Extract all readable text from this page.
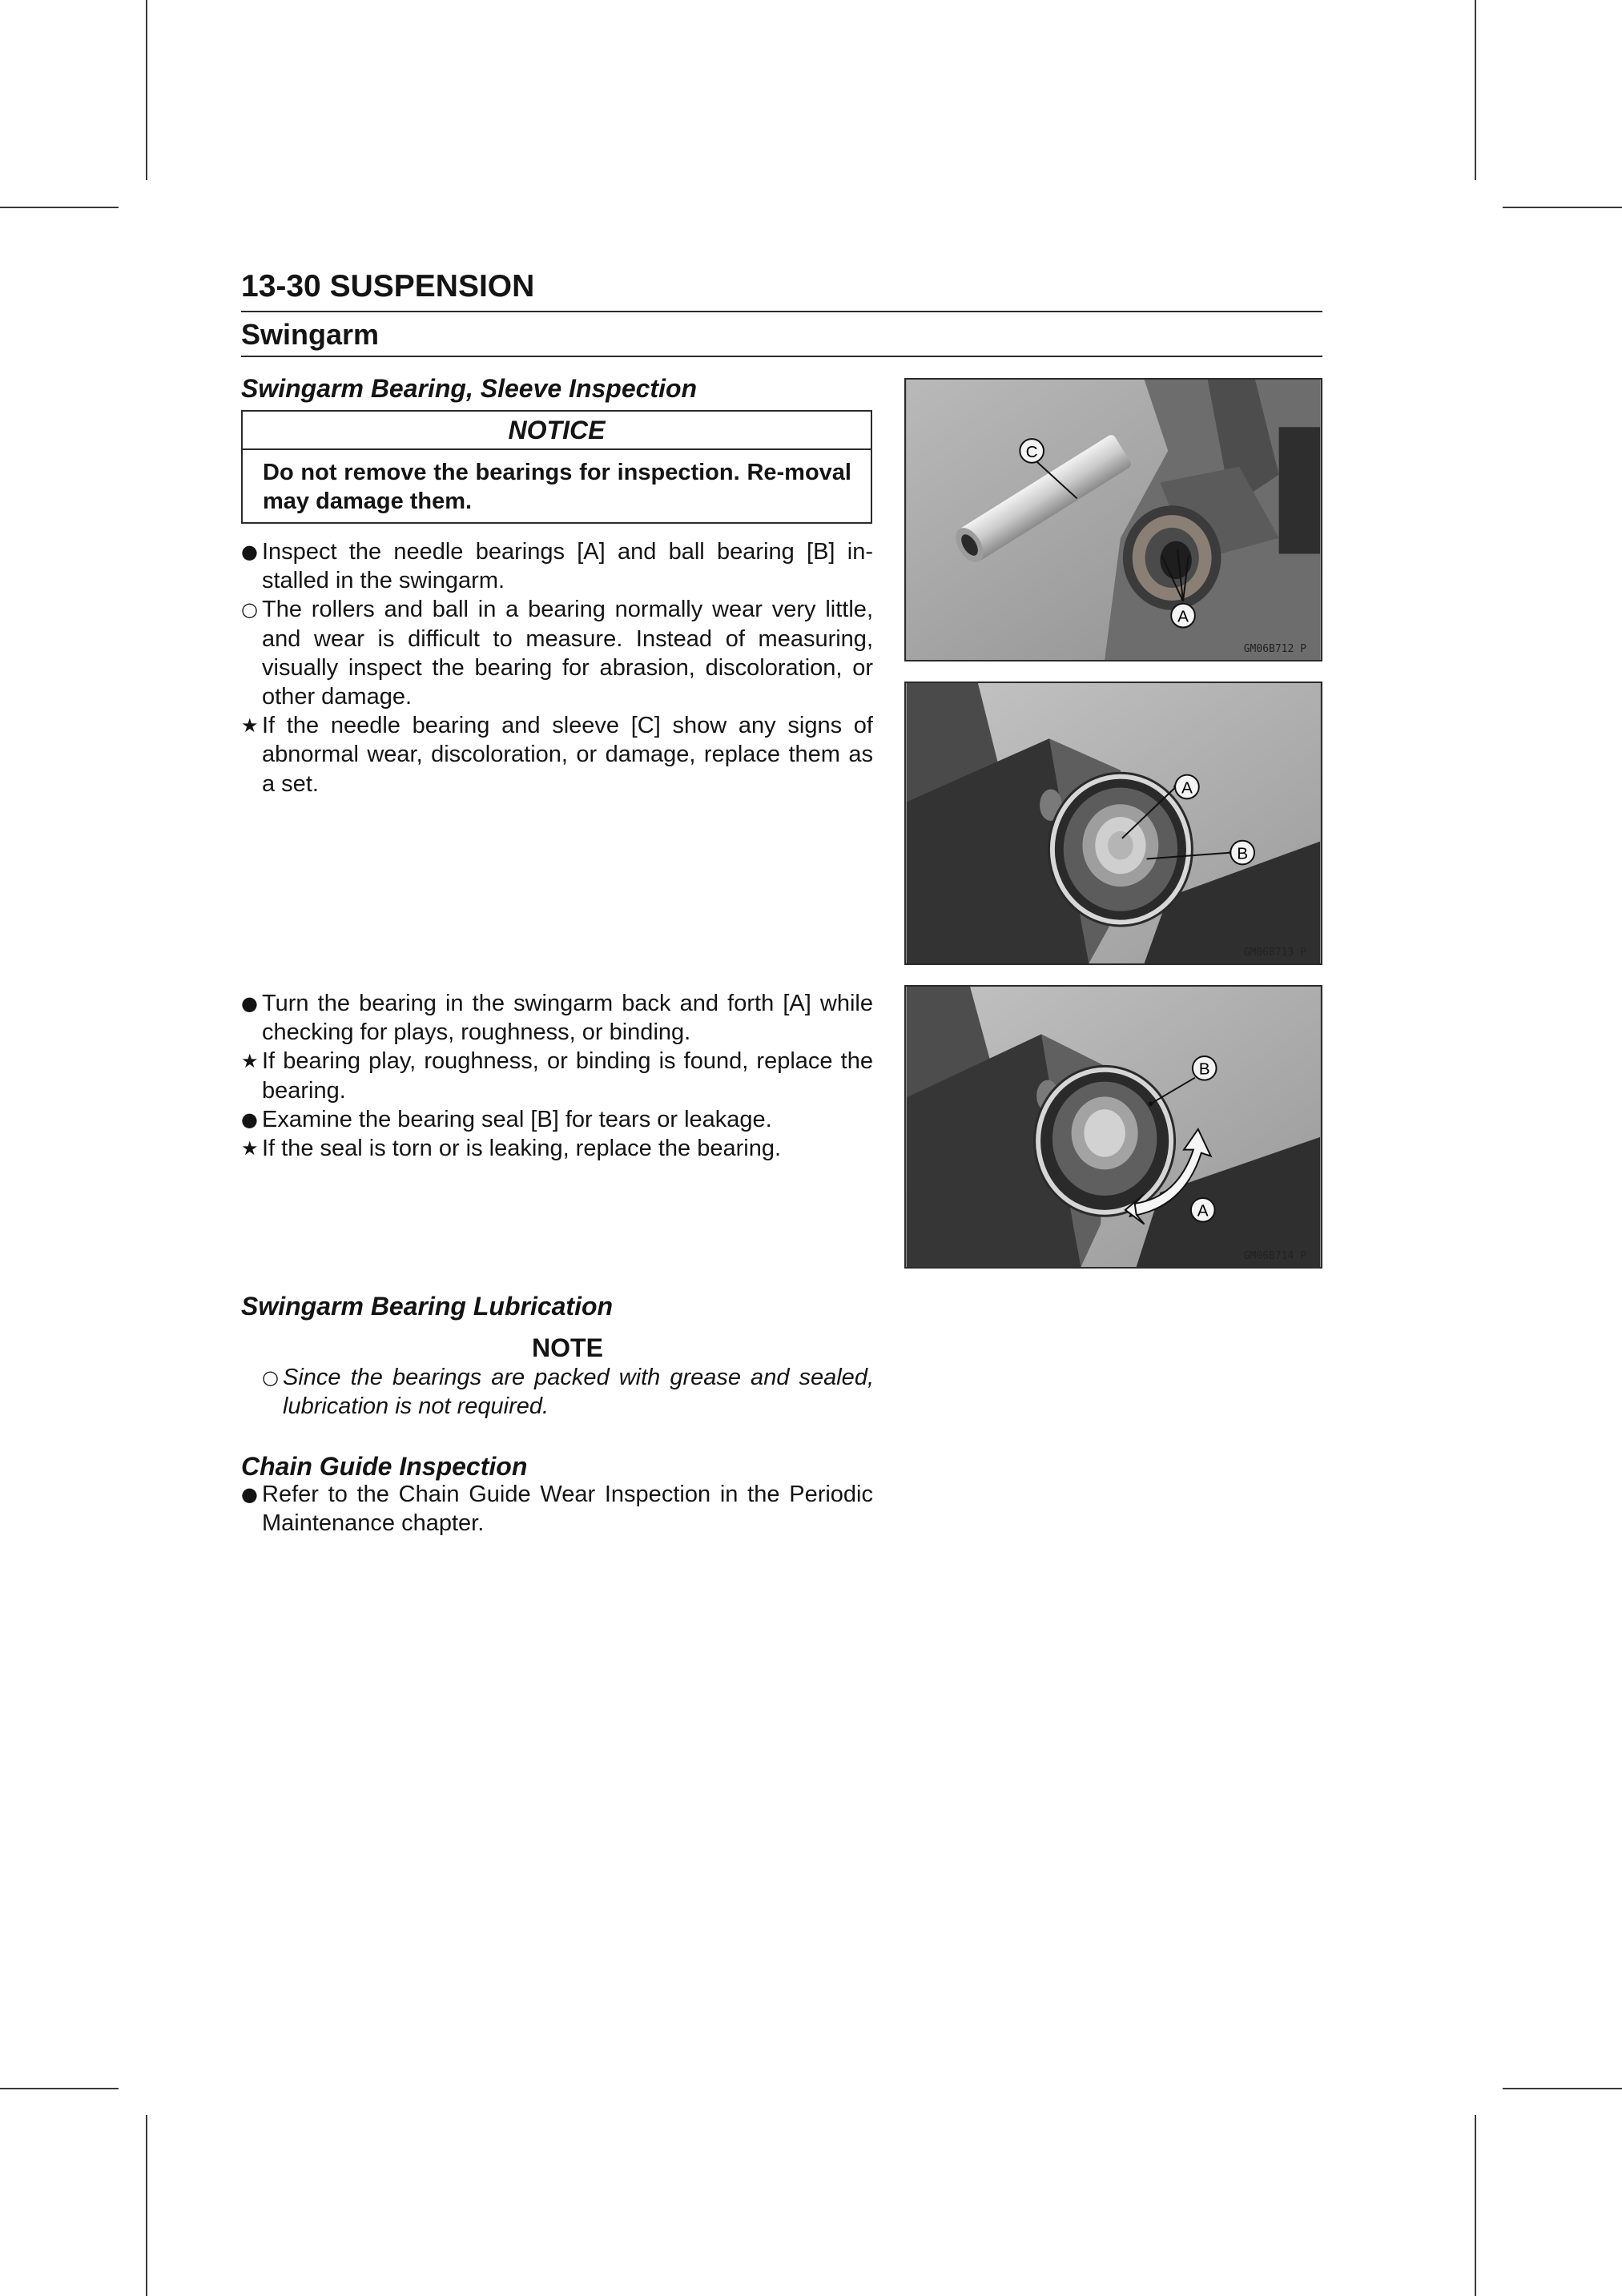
13-30 SUSPENSION
Swingarm
Swingarm Bearing, Sleeve Inspection
NOTICE
Do not remove the bearings for inspection. Re-moval may damage them.
● Inspect the needle bearings [A] and ball bearing [B] in-stalled in the swingarm.
○ The rollers and ball in a bearing normally wear very little, and wear is difficult to measure. Instead of measuring, visually inspect the bearing for abrasion, discoloration, or other damage.
★ If the needle bearing and sleeve [C] show any signs of abnormal wear, discoloration, or damage, replace them as a set.
● Turn the bearing in the swingarm back and forth [A] while checking for plays, roughness, or binding.
★ If bearing play, roughness, or binding is found, replace the bearing.
● Examine the bearing seal [B] for tears or leakage.
★ If the seal is torn or is leaking, replace the bearing.
Swingarm Bearing Lubrication
NOTE
○ Since the bearings are packed with grease and sealed, lubrication is not required.
Chain Guide Inspection
● Refer to the Chain Guide Wear Inspection in the Periodic Maintenance chapter.
C
A
GM06B712 P
A
B
GM06B713 P
B
A
GM06B714 P
